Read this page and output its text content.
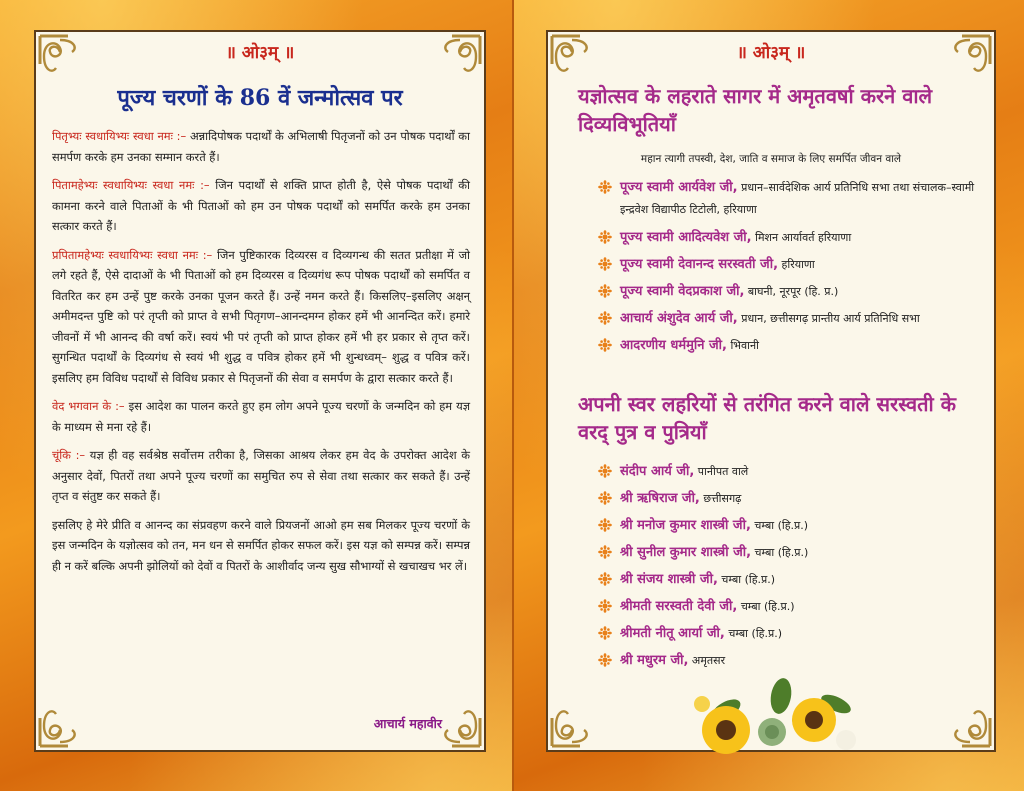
॥ ओ३म् ॥
पूज्य चरणों के 86 वें जन्मोत्सव पर

पितृभ्यः स्वधायिभ्यः स्वधा नमः :– अन्नादिपोषक पदार्थों के अभिलाषी पितृजनों को उन पोषक पदार्थों का समर्पण करके हम उनका सम्मान करते हैं।

पितामहेभ्यः स्वधायिभ्यः स्वधा नमः :– जिन पदार्थों से शक्ति प्राप्त होती है, ऐसे पोषक पदार्थों की कामना करने वाले पिताओं के भी पिताओं को हम उन पोषक पदार्थों को समर्पित करके हम उनका सत्कार करते हैं।

प्रपितामहेभ्यः स्वधायिभ्यः स्वधा नमः :– जिन पुष्टिकारक दिव्यरस व दिव्यगन्ध की सतत प्रतीक्षा में जो लगे रहते हैं, ऐसे दादाओं के भी पिताओं को हम दिव्यरस व दिव्यगंध रूप पोषक पदार्थों को समर्पित व वितरित कर हम उन्हें पुष्ट करके उनका पूजन करते हैं। उन्हें नमन करते हैं। किसलिए–इसलिए अक्षन् अमीमदन्त पुष्टि को परं तृप्ती को प्राप्त वे सभी पितृगण–आनन्दमग्न होकर हमें भी आनन्दित करें। हमारे जीवनों में भी आनन्द की वर्षा करें। स्वयं भी परं तृप्ती को प्राप्त होकर हमें भी हर प्रकार से तृप्त करें। सुगन्धित पदार्थों के दिव्यगंध से स्वयं भी शुद्ध व पवित्र होकर हमें भी शुन्धध्वम्– शुद्ध व पवित्र करें। इसलिए हम विविध पदार्थों से विविध प्रकार से पितृजनों की सेवा व समर्पण के द्वारा सत्कार करते हैं।

वेद भगवान के :– इस आदेश का पालन करते हुए हम लोग अपने पूज्य चरणों के जन्मदिन को हम यज्ञ के माध्यम से मना रहे हैं।

चूंकि :– यज्ञ ही वह सर्वश्रेष्ठ सर्वोत्तम तरीका है, जिसका आश्रय लेकर हम वेद के उपरोक्त आदेश के अनुसार देवों, पितरों तथा अपने पूज्य चरणों का समुचित रुप से सेवा तथा सत्कार कर सकते हैं। उन्हें तृप्त व संतुष्ट कर सकते हैं।

इसलिए हे मेरे प्रीति व आनन्द का संप्रवहण करने वाले प्रियजनों आओ हम सब मिलकर पूज्य चरणों के इस जन्मदिन के यज्ञोत्सव को तन, मन धन से समर्पित होकर सफल करें। इस यज्ञ को सम्पन्न करें। सम्पन्न ही न करें बल्कि अपनी झोलियों को देवों व पितरों के आशीर्वाद जन्य सुख सौभाग्यों से खचाखच भर लें।

आचार्य महावीर
॥ ओ३म् ॥
यज्ञोत्सव के लहराते सागर में अमृतवर्षा करने वाले दिव्यविभूतियाँ
महान त्यागी तपस्वी, देश, जाति व समाज के लिए समर्पित जीवन वाले
पूज्य स्वामी आर्यवेश जी, प्रधान–सार्वदेशिक आर्य प्रतिनिधि सभा तथा संचालक–स्वामी इन्द्रवेश विद्यापीठ टिटोली, हरियाणा
पूज्य स्वामी आदित्यवेश जी, मिशन आर्यावर्त हरियाणा
पूज्य स्वामी देवानन्द सरस्वती जी, हरियाणा
पूज्य स्वामी वेदप्रकाश जी, बाघनी, नूरपूर (हि. प्र.)
आचार्य अंशुदेव आर्य जी, प्रधान, छत्तीसगढ़ प्रान्तीय आर्य प्रतिनिधि सभा
आदरणीय धर्ममुनि जी, भिवानी
अपनी स्वर लहरियों से तरंगित करने वाले सरस्वती के वरद् पुत्र व पुत्रियाँ
संदीप आर्य जी, पानीपत वाले
श्री ऋषिराज जी, छत्तीसगढ़
श्री मनोज कुमार शास्त्री जी, चम्बा (हि.प्र.)
श्री सुनील कुमार शास्त्री जी, चम्बा (हि.प्र.)
श्री संजय शास्त्री जी, चम्बा (हि.प्र.)
श्रीमती सरस्वती देवी जी, चम्बा (हि.प्र.)
श्रीमती नीतू आर्या जी, चम्बा (हि.प्र.)
श्री मधुरम जी, अमृतसर
